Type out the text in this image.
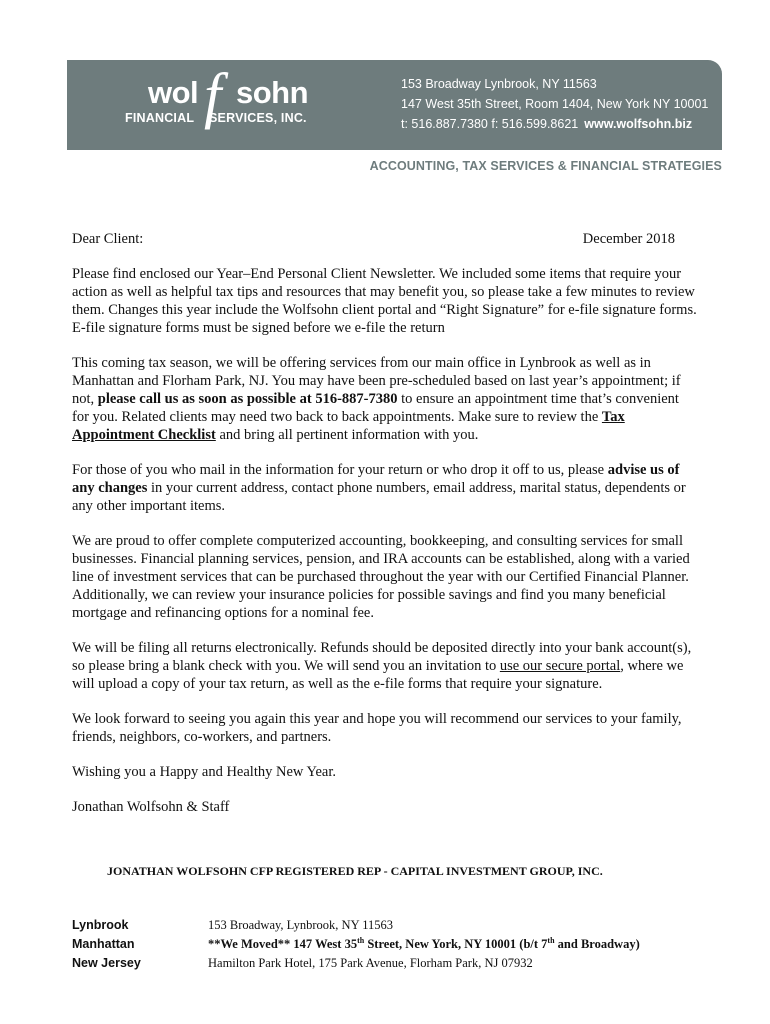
wol f sohn
FINANCIAL SERVICES, INC.
153 Broadway Lynbrook, NY 11563
147 West 35th Street, Room 1404, New York NY 10001
t: 516.887.7380 f: 516.599.8621 www.wolfsohn.biz
ACCOUNTING, TAX SERVICES & FINANCIAL STRATEGIES
Dear Client:	December 2018

Please find enclosed our Year–End Personal Client Newsletter. We included some items that require your action as well as helpful tax tips and resources that may benefit you, so please take a few minutes to review them. Changes this year include the Wolfsohn client portal and “Right Signature” for e-file signature forms. E-file signature forms must be signed before we e-file the return

This coming tax season, we will be offering services from our main office in Lynbrook as well as in Manhattan and Florham Park, NJ. You may have been pre-scheduled based on last year’s appointment; if not, please call us as soon as possible at 516-887-7380 to ensure an appointment time that’s convenient for you. Related clients may need two back to back appointments. Make sure to review the Tax Appointment Checklist and bring all pertinent information with you.

For those of you who mail in the information for your return or who drop it off to us, please advise us of any changes in your current address, contact phone numbers, email address, marital status, dependents or any other important items.

We are proud to offer complete computerized accounting, bookkeeping, and consulting services for small businesses. Financial planning services, pension, and IRA accounts can be established, along with a varied line of investment services that can be purchased throughout the year with our Certified Financial Planner. Additionally, we can review your insurance policies for possible savings and find you many beneficial mortgage and refinancing options for a nominal fee.

We will be filing all returns electronically. Refunds should be deposited directly into your bank account(s), so please bring a blank check with you. We will send you an invitation to use our secure portal, where we will upload a copy of your tax return, as well as the e-file forms that require your signature.

We look forward to seeing you again this year and hope you will recommend our services to your family, friends, neighbors, co-workers, and partners.

Wishing you a Happy and Healthy New Year.

Jonathan Wolfsohn & Staff

JONATHAN WOLFSOHN CFP REGISTERED REP - CAPITAL INVESTMENT GROUP, INC.
Lynbrook	153 Broadway, Lynbrook, NY 11563
Manhattan	**We Moved** 147 West 35th Street, New York, NY 10001 (b/t 7th and Broadway)
New Jersey	Hamilton Park Hotel, 175 Park Avenue, Florham Park, NJ 07932
